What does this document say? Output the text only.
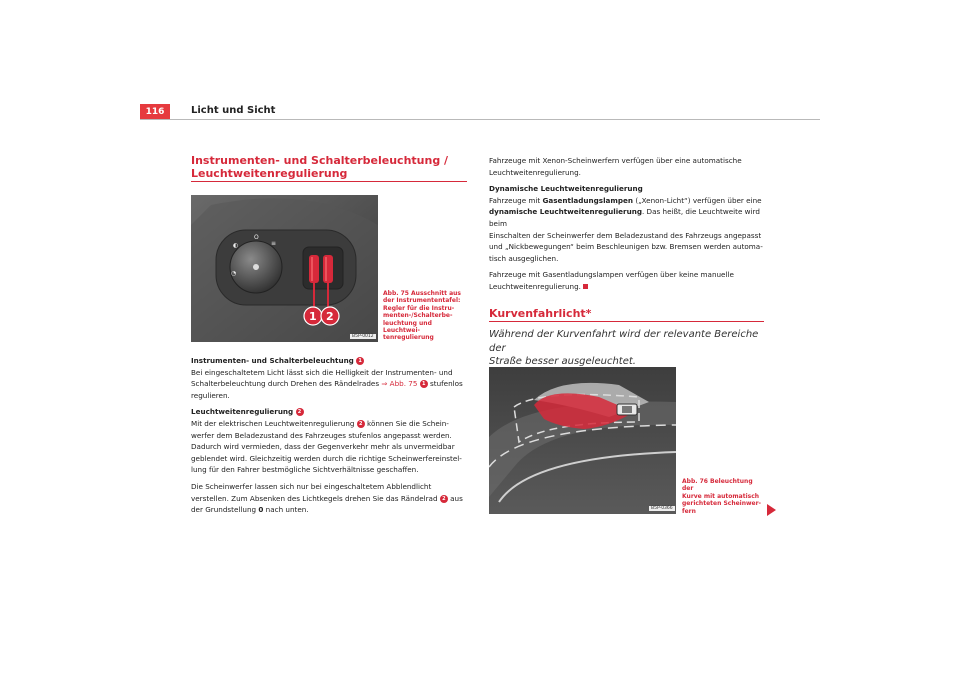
116	Licht und Sicht
Instrumenten- und Schalterbeleuchtung /
Leuchtweitenregulierung
O
◐	≡
◔
1 2
B5P-0012
Abb. 75 Ausschnitt aus
der Instrumententafel:
Regler für die Instru-
menten-/Schalterbe-
leuchtung und Leuchtwei-
tenregulierung
Instrumenten- und Schalterbeleuchtung 1
Bei eingeschaltetem Licht lässt sich die Helligkeit der Instrumenten- und
Schalterbeleuchtung durch Drehen des Rändelrades ⇒ Abb. 75 1 stufenlos
regulieren.
Leuchtweitenregulierung 2
Mit der elektrischen Leuchtweitenregulierung 2 können Sie die Schein-
werfer dem Beladezustand des Fahrzeuges stufenlos angepasst werden.
Dadurch wird vermieden, dass der Gegenverkehr mehr als unvermeidbar
geblendet wird. Gleichzeitig werden durch die richtige Scheinwerfereinstel-
lung für den Fahrer bestmögliche Sichtverhältnisse geschaffen.
Die Scheinwerfer lassen sich nur bei eingeschaltetem Abblendlicht
verstellen. Zum Absenken des Lichtkegels drehen Sie das Rändelrad 2 aus
der Grundstellung 0 nach unten.
Fahrzeuge mit Xenon-Scheinwerfern verfügen über eine automatische
Leuchtweitenregulierung.
Dynamische Leuchtweitenregulierung
Fahrzeuge mit Gasentladungslampen („Xenon-Licht“) verfügen über eine
dynamische Leuchtweitenregulierung. Das heißt, die Leuchtweite wird beim
Einschalten der Scheinwerfer dem Beladezustand des Fahrzeugs angepasst
und „Nickbewegungen“ beim Beschleunigen bzw. Bremsen werden automa-
tisch ausgeglichen.
Fahrzeuge mit Gasentladungslampen verfügen über keine manuelle
Leuchtweitenregulierung.
Kurvenfahrlicht*
Während der Kurvenfahrt wird der relevante Bereiche der
Straße besser ausgeleuchtet.
B5P-0366
Abb. 76 Beleuchtung der
Kurve mit automatisch
gerichteten Scheinwer-
fern
